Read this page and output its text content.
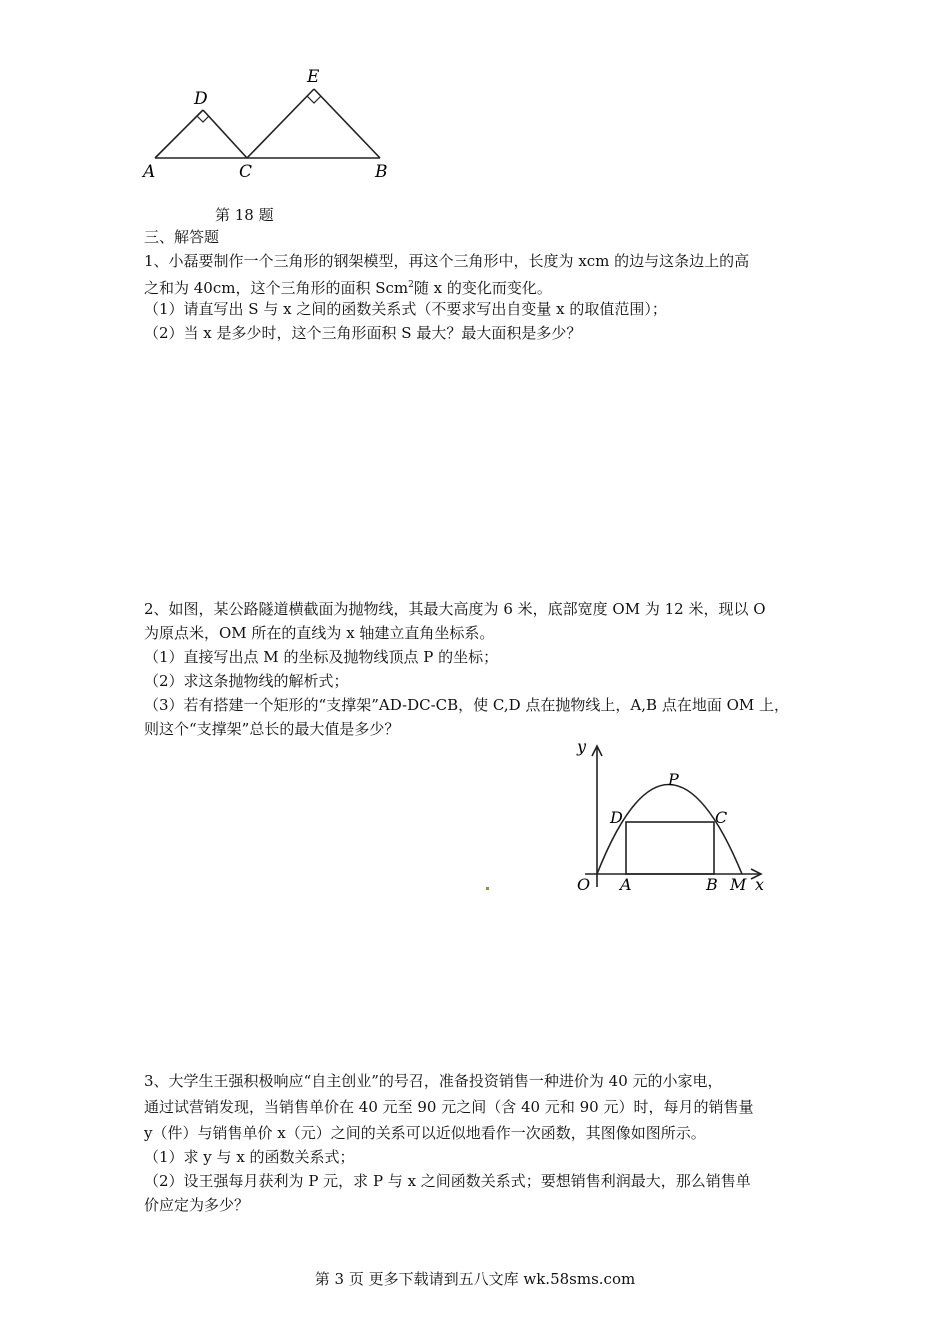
D
E
A	C	B
第 18 题
三、解答题
1、小磊要制作一个三角形的钢架模型，再这个三角形中，长度为 xcm 的边与这条边上的高
之和为 40cm，这个三角形的面积 Scm$^2$随 x 的变化而变化。
（1）请直写出 S 与 x 之间的函数关系式（不要求写出自变量 x 的取值范围）；
（2）当 x 是多少时，这个三角形面积 S 最大？最大面积是多少？
2、如图，某公路隧道横截面为抛物线，其最大高度为 6 米，底部宽度 OM 为 12 米，现以 O
为原点米，OM 所在的直线为 x 轴建立直角坐标系。
（1）直接写出点 M 的坐标及抛物线顶点 P 的坐标；
（2）求这条抛物线的解析式；
（3）若有搭建一个矩形的“支撑架”AD-DC-CB，使 C,D 点在抛物线上，A,B 点在地面 OM 上，
则这个“支撑架”总长的最大值是多少？
y
P
D	C
O A	B M x
3、大学生王强积极响应“自主创业”的号召，准备投资销售一种进价为 40 元的小家电，
通过试营销发现，当销售单价在 40 元至 90 元之间（含 40 元和 90 元）时，每月的销售量
y（件）与销售单价 x（元）之间的关系可以近似地看作一次函数，其图像如图所示。
（1）求 y 与 x 的函数关系式；
（2）设王强每月获利为 P 元，求 P 与 x 之间函数关系式；要想销售利润最大，那么销售单
价应定为多少？
第 3 页 更多下载请到五八文库 wk.58sms.com
